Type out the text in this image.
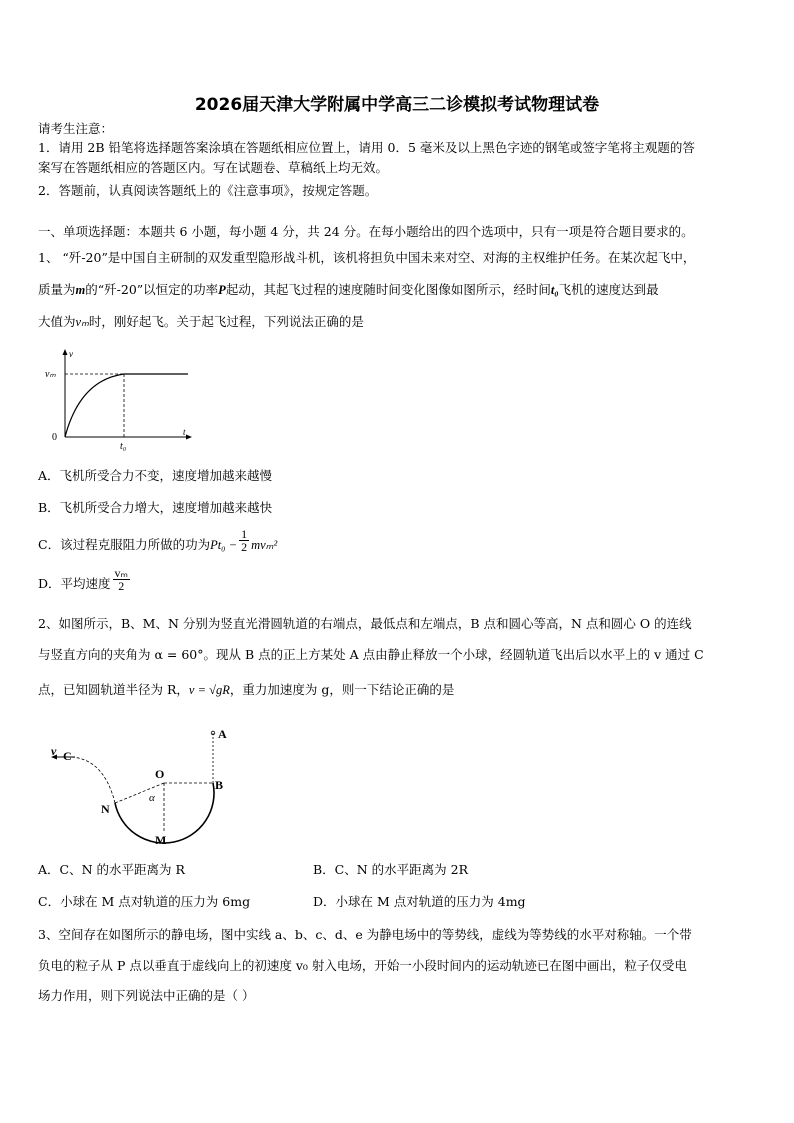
2026届天津大学附属中学高三二诊模拟考试物理试卷
请考生注意：
1．请用 2B 铅笔将选择题答案涂填在答题纸相应位置上，请用 0．5 毫米及以上黑色字迹的钢笔或签字笔将主观题的答
案写在答题纸相应的答题区内。写在试题卷、草稿纸上均无效。
2．答题前，认真阅读答题纸上的《注意事项》，按规定答题。
一、单项选择题：本题共 6 小题，每小题 4 分，共 24 分。在每小题给出的四个选项中，只有一项是符合题目要求的。
1、 “歼-20”是中国自主研制的双发重型隐形战斗机，该机将担负中国未来对空、对海的主权维护任务。在某次起飞中，
质量为m的“歼-20”以恒定的功率P起动，其起飞过程的速度随时间变化图像如图所示，经时间t₀飞机的速度达到最
大值为vₘ时，刚好起飞。关于起飞过程，下列说法正确的是
v
t
0
vₘ
t₀
A．飞机所受合力不变，速度增加越来越慢
B．飞机所受合力增大，速度增加越来越快
C．该过程克服阻力所做的功为$Pt_0 - \frac{1}{2} mv_m^2$
D．平均速度 $\frac{\text{vₘ}}{2}$
2、如图所示，B、M、N 分别为竖直光滑圆轨道的右端点，最低点和左端点，B 点和圆心等高，N 点和圆心 O 的连线
与竖直方向的夹角为 α = 60°。现从 B 点的正上方某处 A 点由静止释放一个小球，经圆轨道飞出后以水平上的 v 通过 C
点，已知圆轨道半径为 R，v = √gR，重力加速度为 g，则一下结论正确的是
A
B
C
v
N
M
O
α
A．C、N 的水平距离为 R	B．C、N 的水平距离为 2R
C．小球在 M 点对轨道的压力为 6mg	D．小球在 M 点对轨道的压力为 4mg
3、空间存在如图所示的静电场，图中实线 a、b、c、d、e 为静电场中的等势线，虚线为等势线的水平对称轴。一个带
负电的粒子从 P 点以垂直于虚线向上的初速度 v₀ 射入电场，开始一小段时间内的运动轨迹已在图中画出，粒子仅受电
场力作用，则下列说法中正确的是（ ）
